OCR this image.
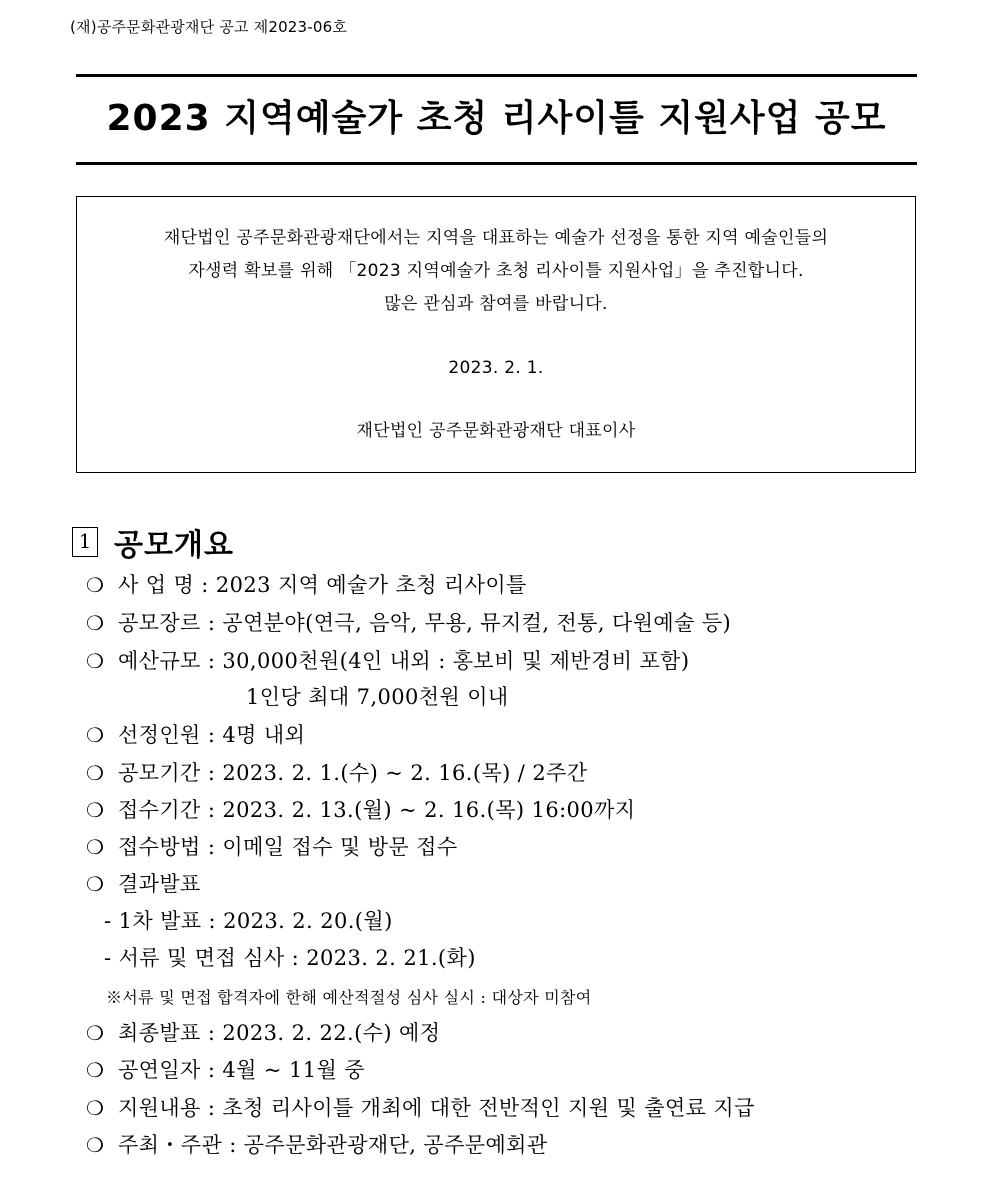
(재)공주문화관광재단 공고 제2023-06호
2023 지역예술가 초청 리사이틀 지원사업 공모
재단법인 공주문화관광재단에서는 지역을 대표하는 예술가 선정을 통한 지역 예술인들의
자생력 확보를 위해 「2023 지역예술가 초청 리사이틀 지원사업」을 추진합니다.
많은 관심과 참여를 바랍니다.
2023. 2. 1.
재단법인 공주문화관광재단 대표이사
1 공모개요
❍ 사 업 명 : 2023 지역 예술가 초청 리사이틀
❍ 공모장르 : 공연분야(연극, 음악, 무용, 뮤지컬, 전통, 다원예술 등)
❍ 예산규모 : 30,000천원(4인 내외 : 홍보비 및 제반경비 포함)
1인당 최대 7,000천원 이내
❍ 선정인원 : 4명 내외
❍ 공모기간 : 2023. 2. 1.(수) ~ 2. 16.(목) / 2주간
❍ 접수기간 : 2023. 2. 13.(월) ~ 2. 16.(목) 16:00까지
❍ 접수방법 : 이메일 접수 및 방문 접수
❍ 결과발표
- 1차 발표 : 2023. 2. 20.(월)
- 서류 및 면접 심사 : 2023. 2. 21.(화)
※서류 및 면접 합격자에 한해 예산적절성 심사 실시 : 대상자 미참여
❍ 최종발표 : 2023. 2. 22.(수) 예정
❍ 공연일자 : 4월 ~ 11월 중
❍ 지원내용 : 초청 리사이틀 개최에 대한 전반적인 지원 및 출연료 지급
❍ 주최・주관 : 공주문화관광재단, 공주문예회관
